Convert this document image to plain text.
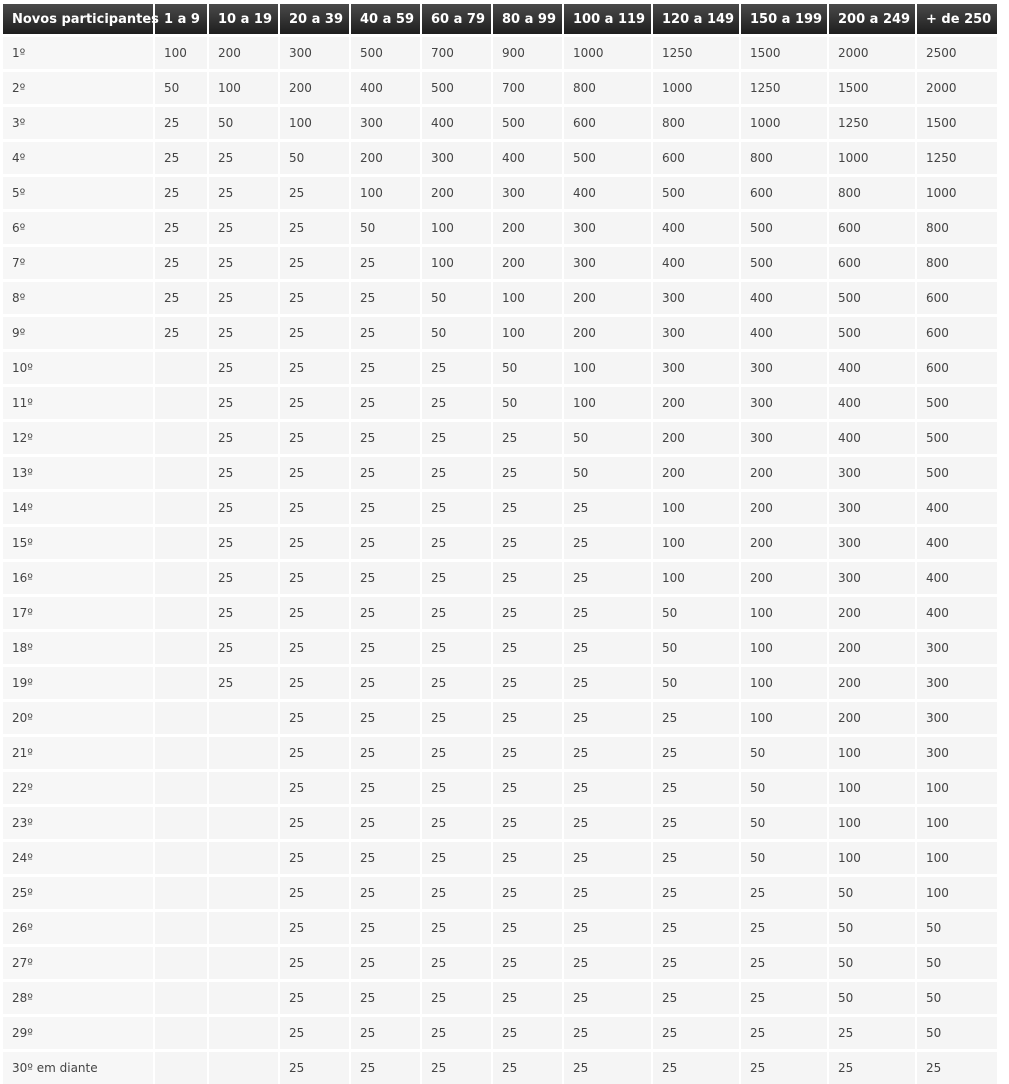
Novos participantes	1 a 9	10 a 19	20 a 39	40 a 59	60 a 79	80 a 99	100 a 119	120 a 149	150 a 199	200 a 249	+ de 250
1º	100	200	300	500	700	900	1000	1250	1500	2000	2500
2º	50	100	200	400	500	700	800	1000	1250	1500	2000
3º	25	50	100	300	400	500	600	800	1000	1250	1500
4º	25	25	50	200	300	400	500	600	800	1000	1250
5º	25	25	25	100	200	300	400	500	600	800	1000
6º	25	25	25	50	100	200	300	400	500	600	800
7º	25	25	25	25	100	200	300	400	500	600	800
8º	25	25	25	25	50	100	200	300	400	500	600
9º	25	25	25	25	50	100	200	300	400	500	600
10º		25	25	25	25	50	100	300	300	400	600
11º		25	25	25	25	50	100	200	300	400	500
12º		25	25	25	25	25	50	200	300	400	500
13º		25	25	25	25	25	50	200	200	300	500
14º		25	25	25	25	25	25	100	200	300	400
15º		25	25	25	25	25	25	100	200	300	400
16º		25	25	25	25	25	25	100	200	300	400
17º		25	25	25	25	25	25	50	100	200	400
18º		25	25	25	25	25	25	50	100	200	300
19º		25	25	25	25	25	25	50	100	200	300
20º			25	25	25	25	25	25	100	200	300
21º			25	25	25	25	25	25	50	100	300
22º			25	25	25	25	25	25	50	100	100
23º			25	25	25	25	25	25	50	100	100
24º			25	25	25	25	25	25	50	100	100
25º			25	25	25	25	25	25	25	50	100
26º			25	25	25	25	25	25	25	50	50
27º			25	25	25	25	25	25	25	50	50
28º			25	25	25	25	25	25	25	50	50
29º			25	25	25	25	25	25	25	25	50
30º em diante			25	25	25	25	25	25	25	25	25
